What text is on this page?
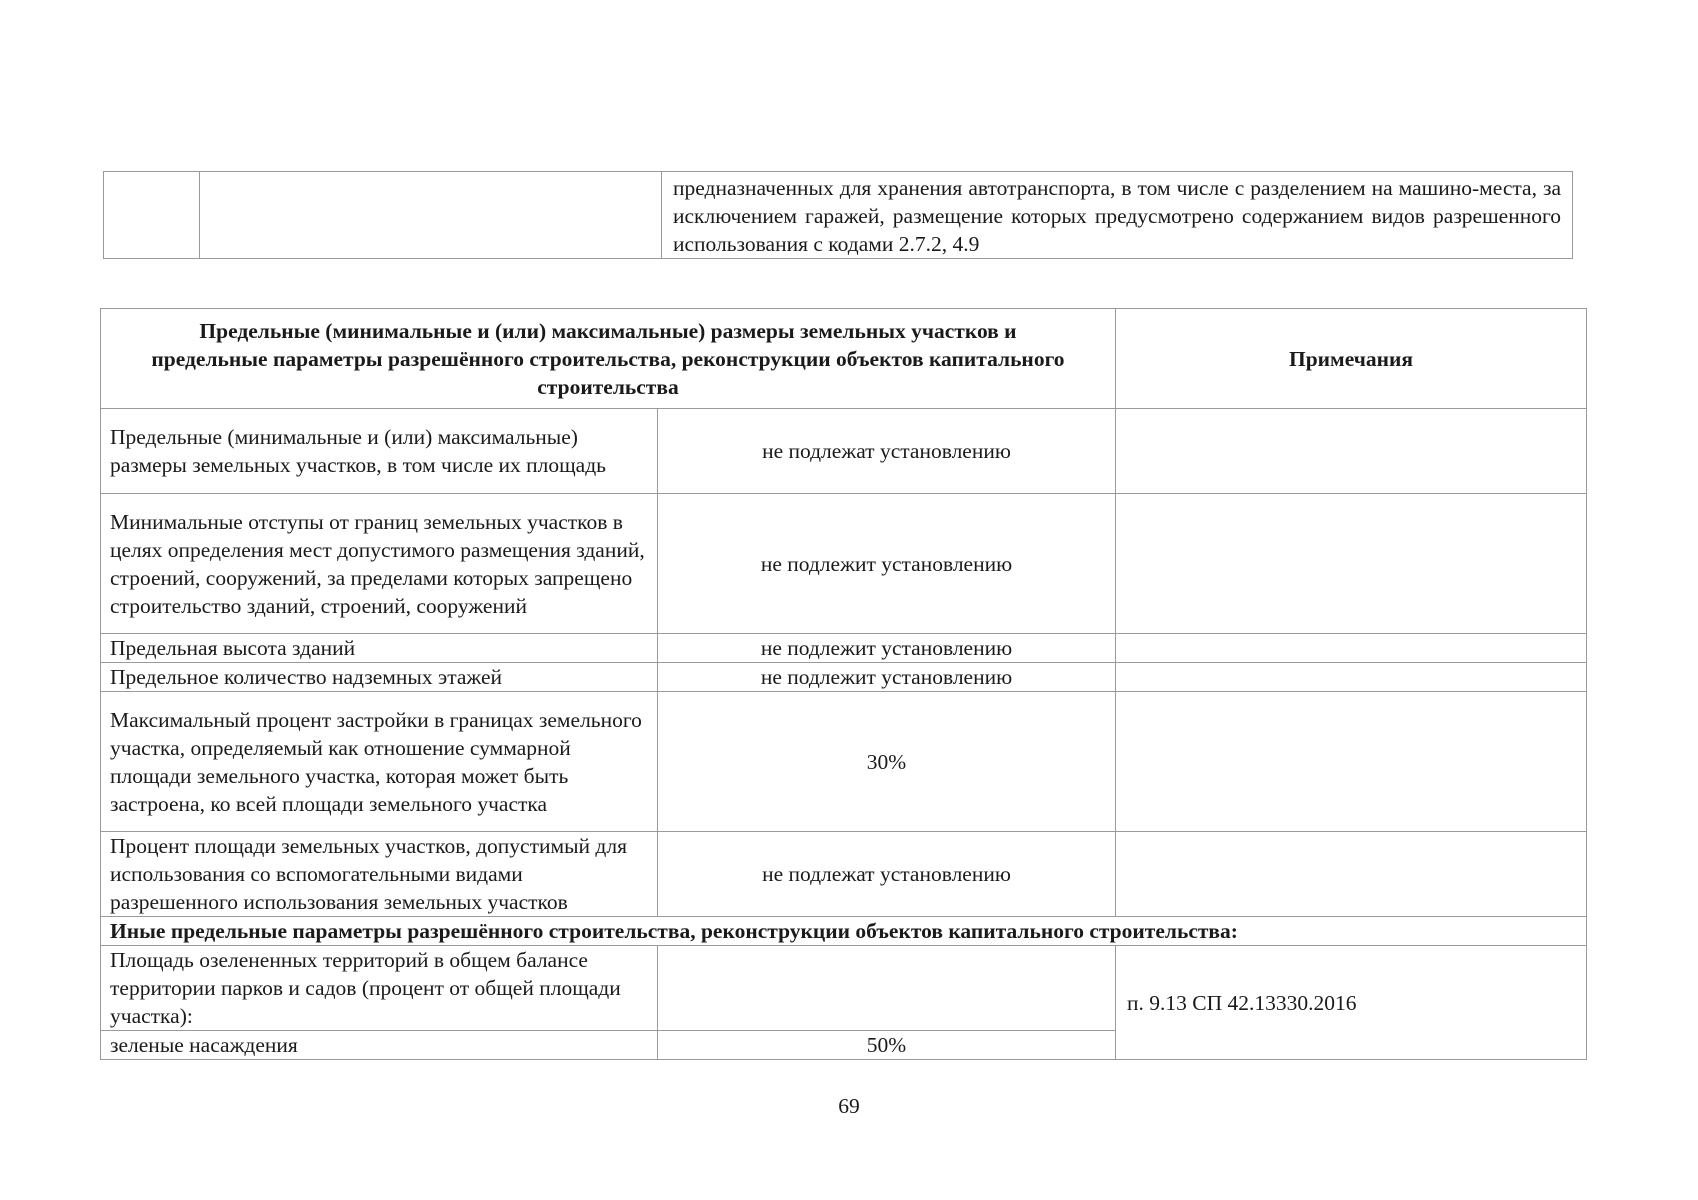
		предназначенных для хранения автотранспорта, в том числе с разделением на машино-места, за исключением гаражей, размещение которых предусмотрено содержанием видов разрешенного использования с кодами 2.7.2, 4.9
Предельные (минимальные и (или) максимальные) размеры земельных участков и предельные параметры разрешённого строительства, реконструкции объектов капитального строительства		Примечания
Предельные (минимальные и (или) максимальные) размеры земельных участков, в том числе их площадь	не подлежат установлению	
Минимальные отступы от границ земельных участков в целях определения мест допустимого размещения зданий, строений, сооружений, за пределами которых запрещено строительство зданий, строений, сооружений	не подлежит установлению	
Предельная высота зданий	не подлежит установлению	
Предельное количество надземных этажей	не подлежит установлению	
Максимальный процент застройки в границах земельного участка, определяемый как отношение суммарной площади земельного участка, которая может быть застроена, ко всей площади земельного участка	30%	
Процент площади земельных участков, допустимый для использования со вспомогательными видами разрешенного использования земельных участков	не подлежат установлению	
Иные предельные параметры разрешённого строительства, реконструкции объектов капитального строительства:		
Площадь озелененных территорий в общем балансе территории парков и садов (процент от общей площади участка):		п. 9.13 СП 42.13330.2016
зеленые насаждения	50%	
69
